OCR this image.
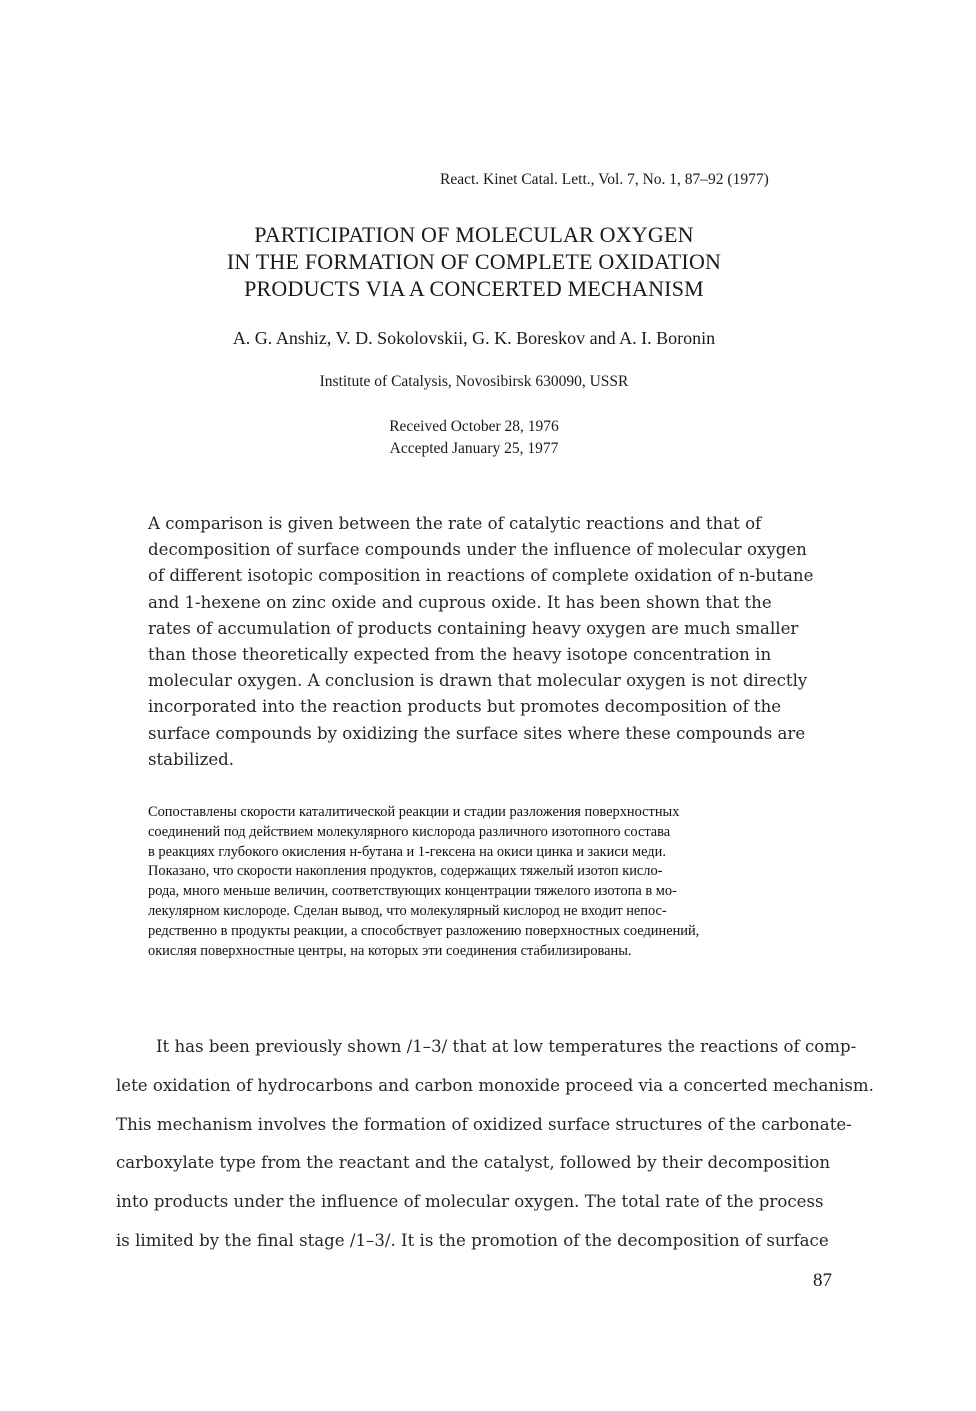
React. Kinet Catal. Lett., Vol. 7, No. 1, 87–92 (1977)
PARTICIPATION OF MOLECULAR OXYGEN
IN THE FORMATION OF COMPLETE OXIDATION
PRODUCTS VIA A CONCERTED MECHANISM
A. G. Anshiz, V. D. Sokolovskii, G. K. Boreskov and A. I. Boronin
Institute of Catalysis, Novosibirsk 630090, USSR
Received October 28, 1976
Accepted January 25, 1977
A comparison is given between the rate of catalytic reactions and that of
decomposition of surface compounds under the influence of molecular oxygen
of different isotopic composition in reactions of complete oxidation of n-butane
and 1-hexene on zinc oxide and cuprous oxide. It has been shown that the
rates of accumulation of products containing heavy oxygen are much smaller
than those theoretically expected from the heavy isotope concentration in
molecular oxygen. A conclusion is drawn that molecular oxygen is not directly
incorporated into the reaction products but promotes decomposition of the
surface compounds by oxidizing the surface sites where these compounds are
stabilized.
Сопоставлены скорости каталитической реакции и стадии разложения поверхностных
соединений под действием молекулярного кислорода различного изотопного состава
в реакциях глубокого окисления н-бутана и 1-гексена на окиси цинка и закиси меди.
Показано, что скорости накопления продуктов, содержащих тяжелый изотоп кисло-
рода, много меньше величин, соответствующих концентрации тяжелого изотопа в мо-
лекулярном кислороде. Сделан вывод, что молекулярный кислород не входит непос-
редственно в продукты реакции, а способствует разложению поверхностных соединений,
окисляя поверхностные центры, на которых эти соединения стабилизированы.
It has been previously shown /1–3/ that at low temperatures the reactions of comp-
lete oxidation of hydrocarbons and carbon monoxide proceed via a concerted mechanism.
This mechanism involves the formation of oxidized surface structures of the carbonate-
carboxylate type from the reactant and the catalyst, followed by their decomposition
into products under the influence of molecular oxygen. The total rate of the process
is limited by the final stage /1–3/. It is the promotion of the decomposition of surface
87
